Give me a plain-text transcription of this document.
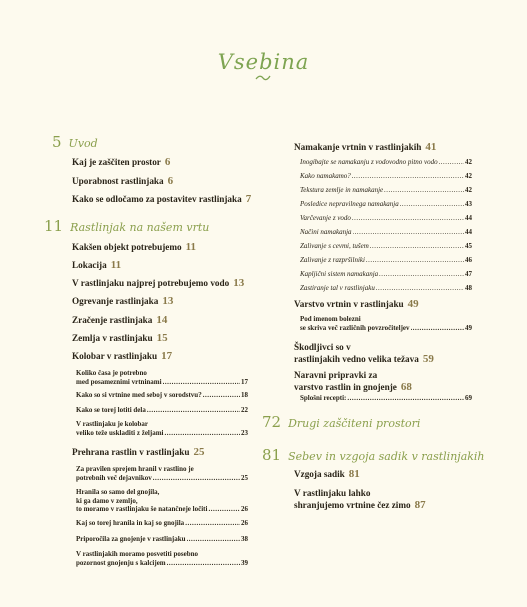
Vsebina
5 Uvod
Kaj je zaščiten prostor 6
Uporabnost rastlinjaka 6
Kako se odločamo za postavitev rastlinjaka 7
11 Rastlinjak na našem vrtu
Kakšen objekt potrebujemo 11
Lokacija 11
V rastlinjaku najprej potrebujemo vodo 13
Ogrevanje rastlinjaka 13
Zračenje rastlinjaka 14
Zemlja v rastlinjaku 15
Kolobar v rastlinjaku 17
Koliko časa je potrebno
med posameznimi vrtninami .....	17
Kako so si vrtnine med seboj v sorodstvu? .....	18
Kako se torej lotiti dela .....	22
V rastlinjaku je kolobar
veliko teže uskladiti z željami .....	23
Prehrana rastlin v rastlinjaku 25
Za pravilen sprejem hranil v rastlino je
potrebnih več dejavnikov .....	25
Hranila so samo del gnojila,
ki ga damo v zemljo,
to moramo v rastlinjaku še natančneje ločiti .....	26
Kaj so torej hranila in kaj so gnojila .....	26
Priporočila za gnojenje v rastlinjaku .....	38
V rastlinjakih moramo posvetiti posebno
pozornost gnojenju s kalcijem .....	39
Namakanje vrtnin v rastlinjakih 41
Inogibajte se namakanju z vodovodno pitno vodo .....	42
Kako namakamo? .....	42
Tekstura zemlje in namakanje .....	42
Posledice nepravilnega namakanja .....	43
Varčevanje z vodo .....	44
Načini namakanja .....	44
Zalivanje s cevmi, tušem .....	45
Zalivanje z razpršilniki .....	46
Kapljični sistem namakanja .....	47
Zastiranje tal v rastlinjaku .....	48
Varstvo vrtnin v rastlinjaku 49
Pod imenom bolezni
se skriva več različnih povzročiteljev .....	49
Škodljivci so v
rastlinjakih vedno velika težava 59
Naravni pripravki za
varstvo rastlin in gnojenje 68
Splošni recepti: .....	69
72 Drugi zaščiteni prostori
81 Sebev in vzgoja sadik v rastlinjakih
Vzgoja sadik 81
V rastlinjaku lahko
shranjujemo vrtnine čez zimo 87
